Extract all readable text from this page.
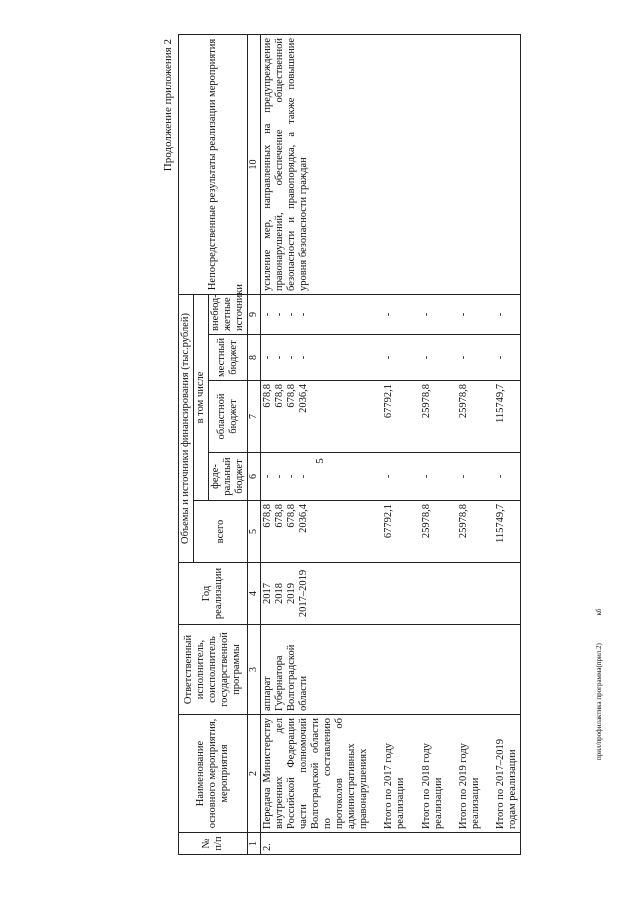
5
прил/профилактика программа(прил.2) кб
Продолжение приложения 2
№ п/п	Наименование основного мероприятия, мероприятия	Ответственный исполнитель, соисполнитель государственной программы	Год реализации	Объемы и источники финансирования (тыс.рублей)					Непосредственные результаты реализации мероприятия
				всего	в том числе				
					феде-ральный бюджет	областной бюджет	местный бюджет	внебюд-жетные источники	
1	2	3	4	5	6	7	8	9	10
2.	Передача Министерству внутренних дел Российской Федерации части полномочий Волгоградской области по составлению протоколов об административных правонарушениях	аппарат Губернатора Волгоградской области	2017 2018 2019 2017–2019	678,8 678,8 678,8 2036,4	- - - -	678,8 678,8 678,8 2036,4	- - - -	- - - -	усиление мер, направленных на предупреждение правонарушений, обеспечение общественной безопасности и правопорядка, а также повышение уровня безопасности граждан
	Итого по 2017 году реализации			67792,1	-	67792,1	-	-	
	Итого по 2018 году реализации			25978,8	-	25978,8	-	-	
	Итого по 2019 году реализации			25978,8	-	25978,8	-	-	
	Итого по 2017–2019 годам реализации			115749,7	-	115749,7	-	-	
